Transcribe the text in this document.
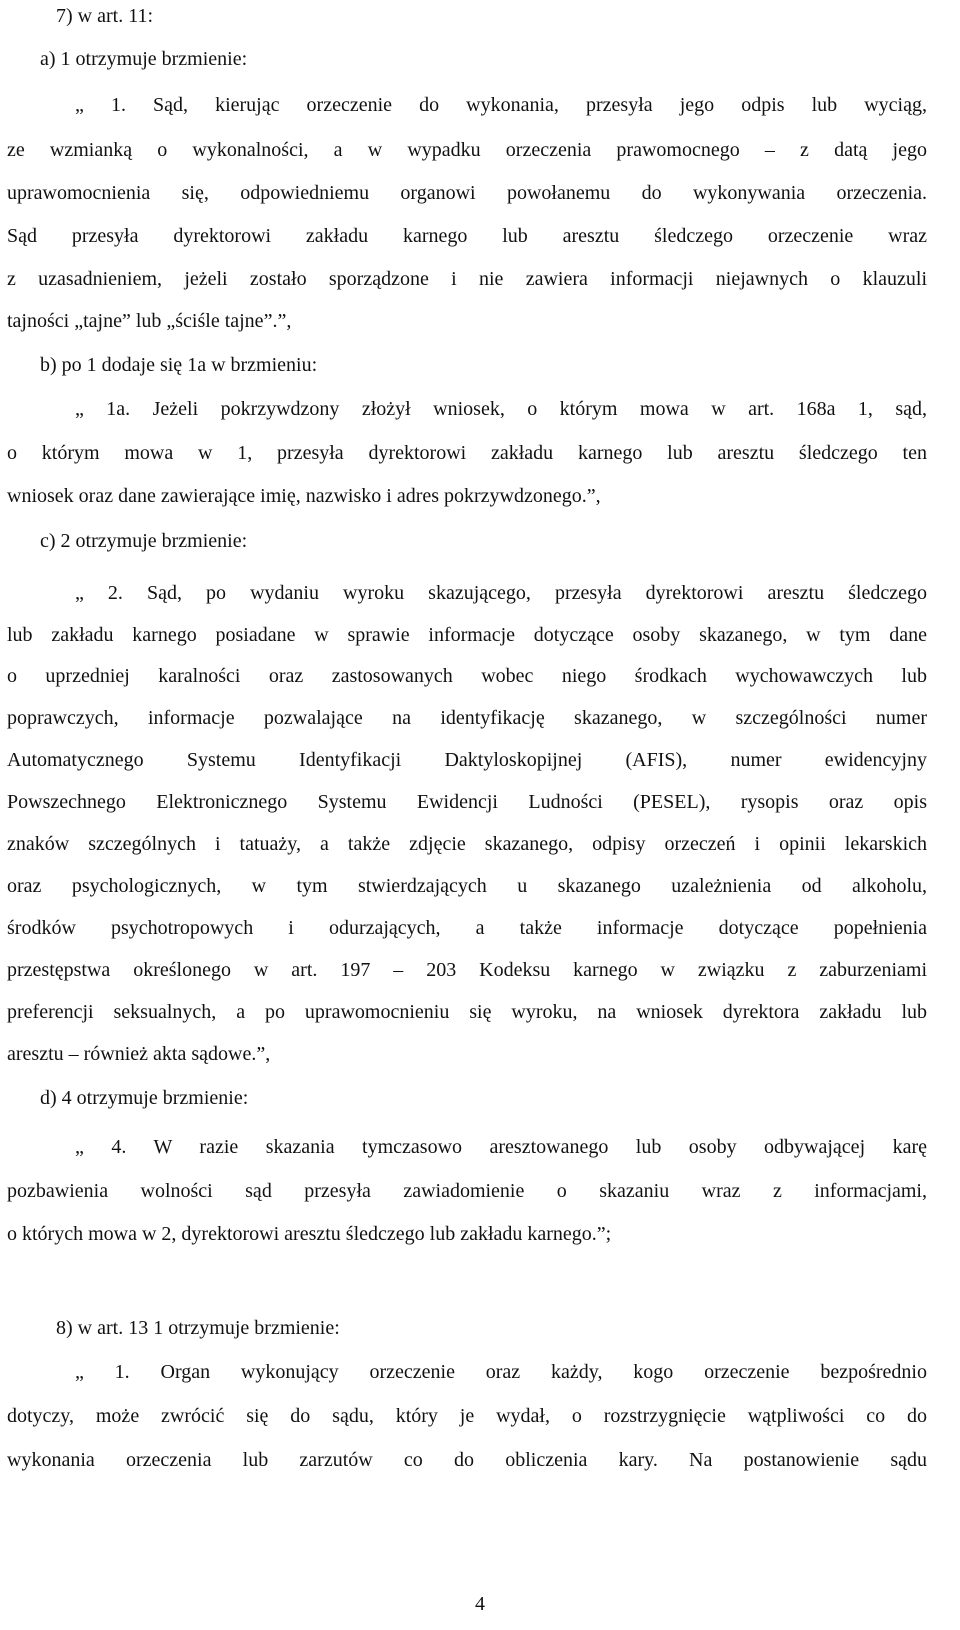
7) w art. 11:
a) 1 otrzymuje brzmienie:
„ 1. Sąd, kierując orzeczenie do wykonania, przesyła jego odpis lub wyciąg,
ze wzmianką o wykonalności, a w wypadku orzeczenia prawomocnego – z datą jego
uprawomocnienia się, odpowiedniemu organowi powołanemu do wykonywania orzeczenia.
Sąd przesyła dyrektorowi zakładu karnego lub aresztu śledczego orzeczenie wraz
z uzasadnieniem, jeżeli zostało sporządzone i nie zawiera informacji niejawnych o klauzuli
tajności „tajne” lub „ściśle tajne”.”,
b) po 1 dodaje się 1a w brzmieniu:
„ 1a. Jeżeli pokrzywdzony złożył wniosek, o którym mowa w art. 168a 1, sąd,
o którym mowa w 1, przesyła dyrektorowi zakładu karnego lub aresztu śledczego ten
wniosek oraz dane zawierające imię, nazwisko i adres pokrzywdzonego.”,
c) 2 otrzymuje brzmienie:
„ 2. Sąd, po wydaniu wyroku skazującego, przesyła dyrektorowi aresztu śledczego
lub zakładu karnego posiadane w sprawie informacje dotyczące osoby skazanego, w tym dane
o uprzedniej karalności oraz zastosowanych wobec niego środkach wychowawczych lub
poprawczych, informacje pozwalające na identyfikację skazanego, w szczególności numer
Automatycznego Systemu Identyfikacji Daktyloskopijnej (AFIS), numer ewidencyjny
Powszechnego Elektronicznego Systemu Ewidencji Ludności (PESEL), rysopis oraz opis
znaków szczególnych i tatuaży, a także zdjęcie skazanego, odpisy orzeczeń i opinii lekarskich
oraz psychologicznych, w tym stwierdzających u skazanego uzależnienia od alkoholu,
środków psychotropowych i odurzających, a także informacje dotyczące popełnienia
przestępstwa określonego w art. 197 – 203 Kodeksu karnego w związku z zaburzeniami
preferencji seksualnych, a po uprawomocnieniu się wyroku, na wniosek dyrektora zakładu lub
aresztu – również akta sądowe.”,
d) 4 otrzymuje brzmienie:
„ 4. W razie skazania tymczasowo aresztowanego lub osoby odbywającej karę
pozbawienia wolności sąd przesyła zawiadomienie o skazaniu wraz z informacjami,
o których mowa w 2, dyrektorowi aresztu śledczego lub zakładu karnego.”;
8) w art. 13 1 otrzymuje brzmienie:
„ 1. Organ wykonujący orzeczenie oraz każdy, kogo orzeczenie bezpośrednio
dotyczy, może zwrócić się do sądu, który je wydał, o rozstrzygnięcie wątpliwości co do
wykonania orzeczenia lub zarzutów co do obliczenia kary. Na postanowienie sądu
4
